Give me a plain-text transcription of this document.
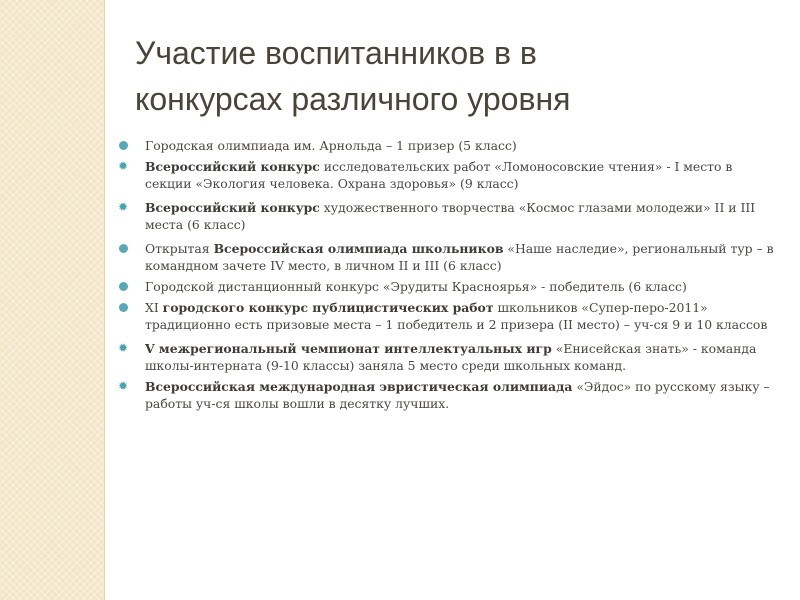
Участие воспитанников в в
конкурсах различного уровня
Городская олимпиада им. Арнольда – 1 призер (5 класс)
✹ Всероссийский конкурс исследовательских работ «Ломоносовские чтения» - I место в секции «Экология человека. Охрана здоровья» (9 класс)
✹ Всероссийский конкурс художественного творчества «Космос глазами молодежи» II и III места (6 класс)
Открытая Всероссийская олимпиада школьников «Наше наследие», региональный тур – в командном зачете IV место, в личном II и III (6 класс)
Городской дистанционный конкурс «Эрудиты Красноярья» - победитель (6 класс)
XI городского конкурс публицистических работ школьников «Супер-перо-2011» традиционно есть призовые места – 1 победитель и 2 призера (II место) – уч-ся 9 и 10 классов
✹ V межрегиональный чемпионат интеллектуальных игр «Енисейская знать» - команда школы-интерната (9-10 классы) заняла 5 место среди школьных команд.
✹ Всероссийская международная эвристическая олимпиада «Эйдос» по русскому языку – работы уч-ся школы вошли в десятку лучших.
